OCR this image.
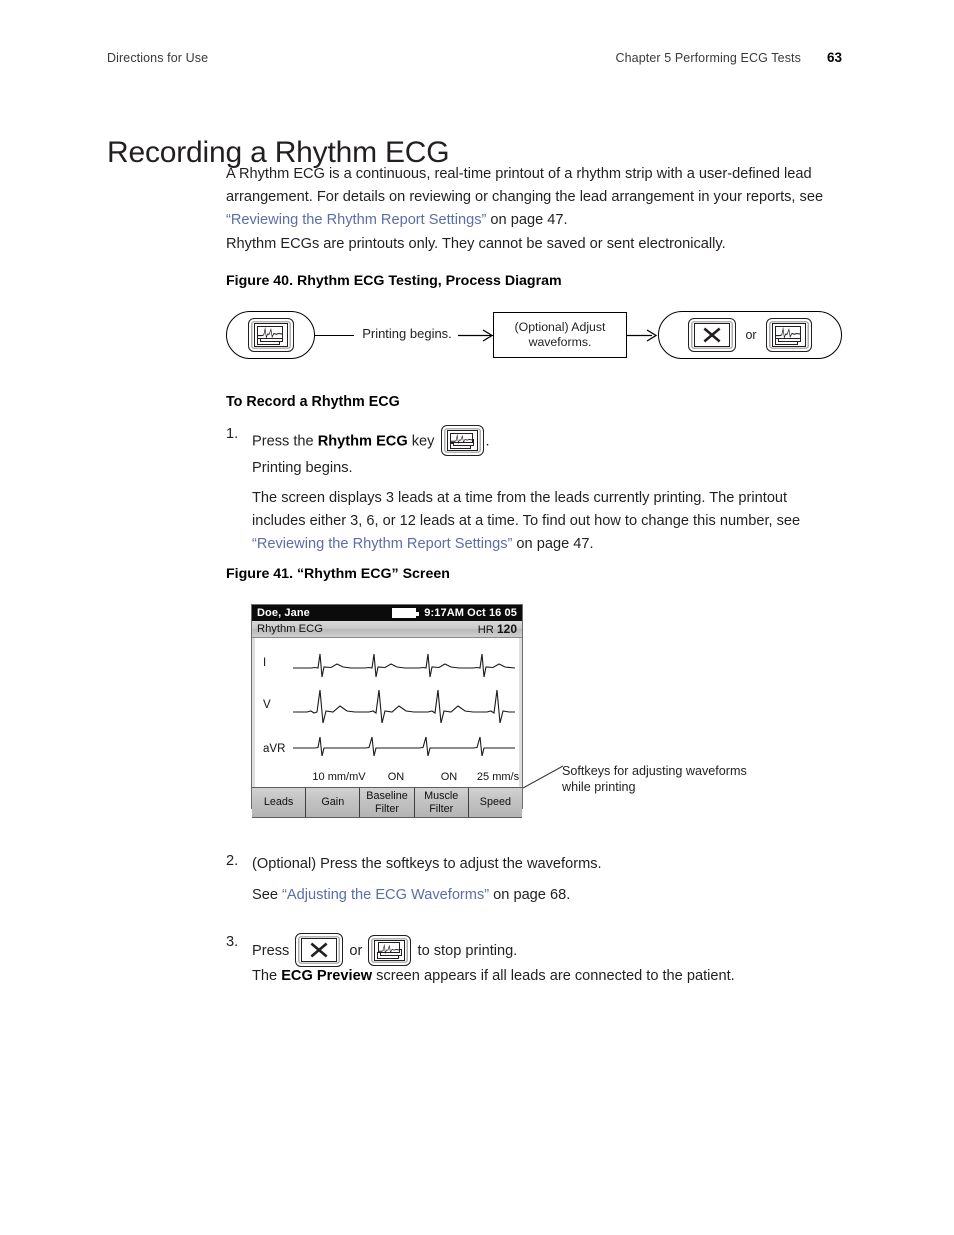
Directions for Use	Chapter 5 Performing ECG Tests 63
Recording a Rhythm ECG

A Rhythm ECG is a continuous, real-time printout of a rhythm strip with a user-defined lead arrangement. For details on reviewing or changing the lead arrangement in your reports, see “Reviewing the Rhythm Report Settings” on page 47.

Rhythm ECGs are printouts only. They cannot be saved or sent electronically.

Figure 40. Rhythm ECG Testing, Process Diagram
Printing begins.	(Optional) Adjust waveforms.	or
To Record a Rhythm ECG
1. Press the Rhythm ECG key	.
Printing begins.
The screen displays 3 leads at a time from the leads currently printing. The printout includes either 3, 6, or 12 leads at a time. To find out how to change this number, see “Reviewing the Rhythm Report Settings” on page 47.
Figure 41. “Rhythm ECG” Screen
Doe, Jane	9:17AM Oct 16 05
Rhythm ECG	HR 120
I
V
aVR
10 mm/mV	ON	ON	25 mm/s
Leads	Gain
Baseline Filter
Muscle Filter
Speed
Softkeys for adjusting waveforms while printing
2. (Optional) Press the softkeys to adjust the waveforms.
See “Adjusting the ECG Waveforms” on page 68.
3.
Press	or	to stop printing.
The ECG Preview screen appears if all leads are connected to the patient.
